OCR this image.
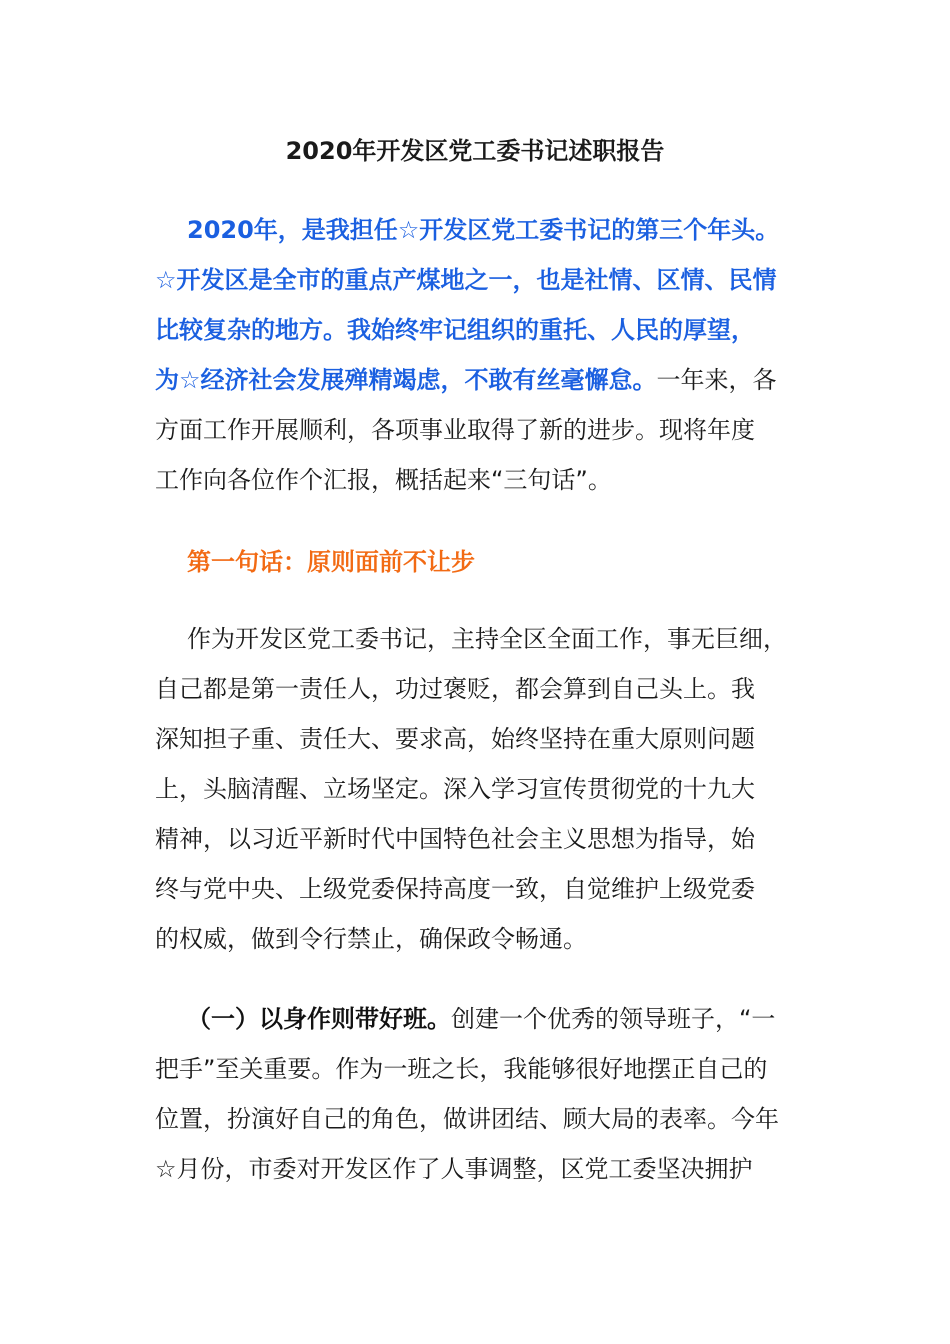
2020年开发区党工委书记述职报告
2020年，是我担任☆开发区党工委书记的第三个年头。
☆开发区是全市的重点产煤地之一，也是社情、区情、民情
比较复杂的地方。我始终牢记组织的重托、人民的厚望，
为☆经济社会发展殚精竭虑，不敢有丝毫懈怠。一年来，各
方面工作开展顺利，各项事业取得了新的进步。现将年度
工作向各位作个汇报，概括起来“三句话”。
第一句话：原则面前不让步
作为开发区党工委书记，主持全区全面工作，事无巨细，
自己都是第一责任人，功过褒贬，都会算到自己头上。我
深知担子重、责任大、要求高，始终坚持在重大原则问题
上，头脑清醒、立场坚定。深入学习宣传贯彻党的十九大
精神，以习近平新时代中国特色社会主义思想为指导，始
终与党中央、上级党委保持高度一致，自觉维护上级党委
的权威，做到令行禁止，确保政令畅通。
（一）以身作则带好班。创建一个优秀的领导班子，“一
把手”至关重要。作为一班之长，我能够很好地摆正自己的
位置，扮演好自己的角色，做讲团结、顾大局的表率。今年
☆月份，市委对开发区作了人事调整，区党工委坚决拥护
